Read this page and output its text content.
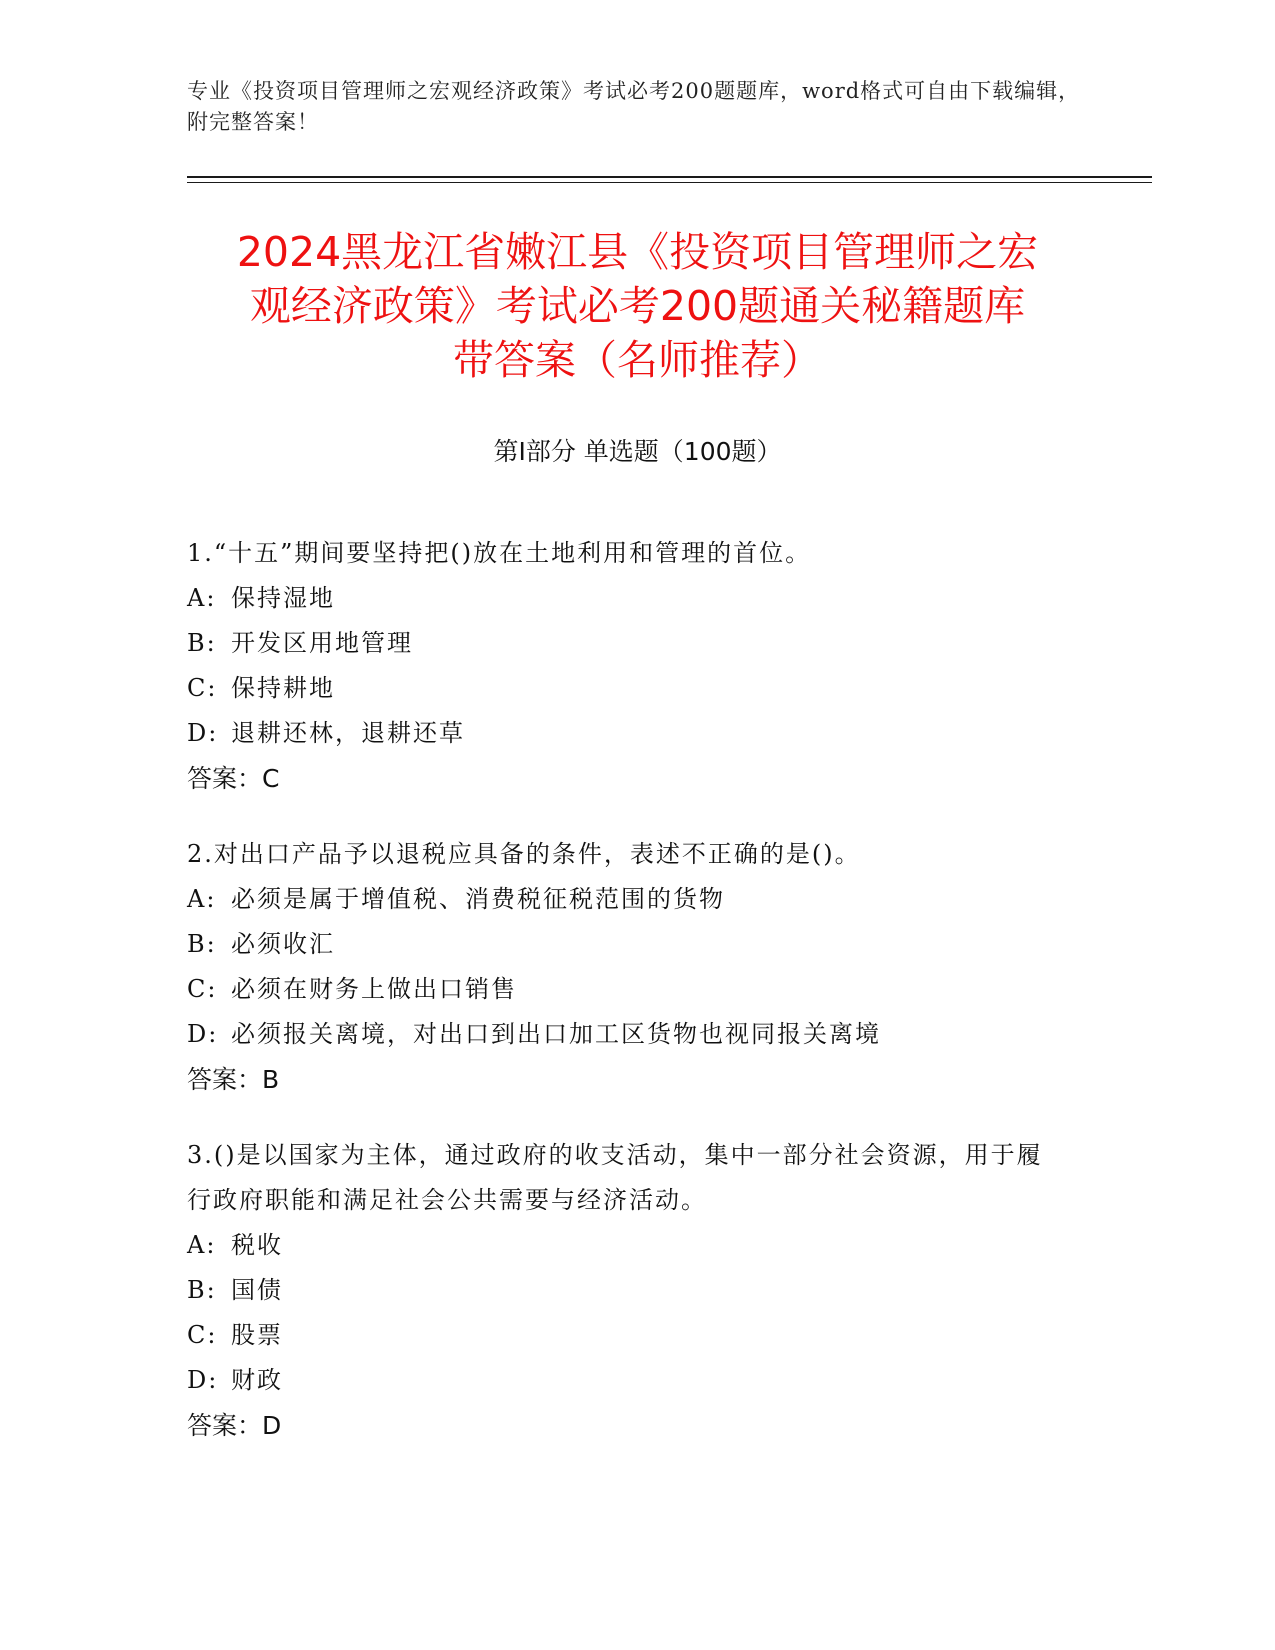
专业《投资项目管理师之宏观经济政策》考试必考200题题库，word格式可自由下载编辑，附完整答案！
2024黑龙江省嫩江县《投资项目管理师之宏
观经济政策》考试必考200题通关秘籍题库
带答案（名师推荐）
第Ⅰ部分 单选题（100题）

1.“十五”期间要坚持把()放在土地利用和管理的首位。

A: 保持湿地

B: 开发区用地管理

C: 保持耕地

D: 退耕还林，退耕还草

答案：C

2.对出口产品予以退税应具备的条件，表述不正确的是()。

A: 必须是属于增值税、消费税征税范围的货物

B: 必须收汇

C: 必须在财务上做出口销售

D: 必须报关离境，对出口到出口加工区货物也视同报关离境

答案：B

3.()是以国家为主体，通过政府的收支活动，集中一部分社会资源，用于履行政府职能和满足社会公共需要与经济活动。

A: 税收

B: 国债

C: 股票

D: 财政

答案：D
